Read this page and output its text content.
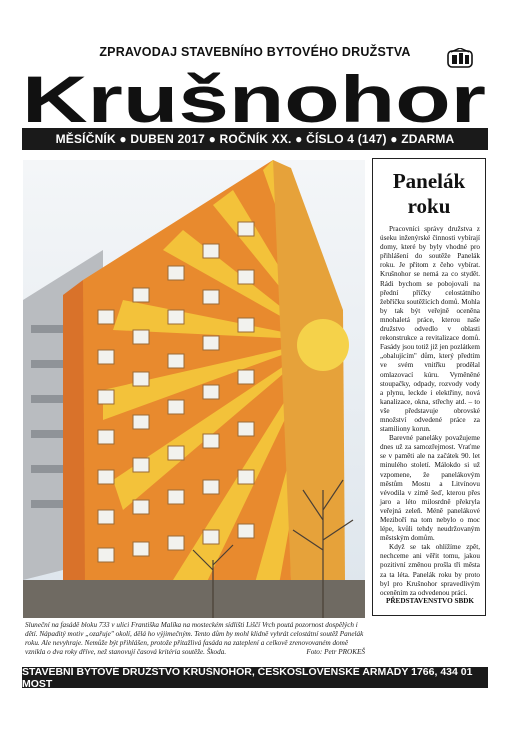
ZPRAVODAJ STAVEBNÍHO BYTOVÉHO DRUŽSTVA
Krušnohor
MĚSÍČNÍK ● DUBEN 2017 ● ROČNÍK XX. ● ČÍSLO 4 (147) ● ZDARMA
Sluneční na fasádě bloku 733 v ulici Františka Malíka na mosteckém sídlišti Liščí Vrch poutá pozornost dospělých i dětí. Nápaditý motiv „ozařuje" okolí, dělá ho výjimečným. Tento dům by mohl klidně vyhrát celostátní soutěž Panelák roku. Ale nevyhraje. Nemůže být přihlášen, protože přitažlivá fasáda na zateplení a celkově zrenovovaném domě vznikla o dva roky dříve, než stanovují časová kritéria soutěže. Škoda.	Foto: Petr PROKEŠ
Panelák
roku

Pracovníci správy družstva z úseku inženýrské činnosti vybírají domy, které by byly vhodné pro přihlášení do soutěže Panelák roku. Je přitom z čeho vybírat. Krušnohor se nemá za co stydět. Rádi bychom se pobojovali na přední příčky celostátního žebříčku soutěžících domů. Mohla by tak být veřejně oceněna mnohaletá práce, kterou naše družstvo odvedlo v oblasti rekonstrukce a revitalizace domů. Fasády jsou totiž již jen pozlátkem „obalujícím" dům, který předtím ve svém vnitřku prodělal omlazovací kúru. Vyměněné stoupačky, odpady, rozvody vody a plynu, leckde i elektřiny, nová kanalizace, okna, střechy atd. – to vše představuje obrovské množství odvedené práce za stamiliony korun.

Barevné paneláky považujeme dnes už za samozřejmost. Vraťme se v paměti ale na začátek 90. let minulého století. Málokdo si už vzpomene, že panelákovým městům Mostu a Litvínovu vévodila v zimě šeď, kterou přes jaro a léto milosrdně překryla veřejná zeleň. Méně panelákové Meziboří na tom nebylo o moc lépe, kvůli tehdy neudržovaným městským domům.

Když se tak ohlížíme zpět, nechceme ani věřit tomu, jakou pozitivní změnou prošla tři města za ta léta. Panelák roku by proto byl pro Krušnohor spravedlivým oceněním za odvedenou práci.

PŘEDSTAVENSTVO SBDK
STAVEBNÍ BYTOVÉ DRUŽSTVO KRUŠNOHOR, ČESKOSLOVENSKÉ ARMÁDY 1766, 434 01 MOST
